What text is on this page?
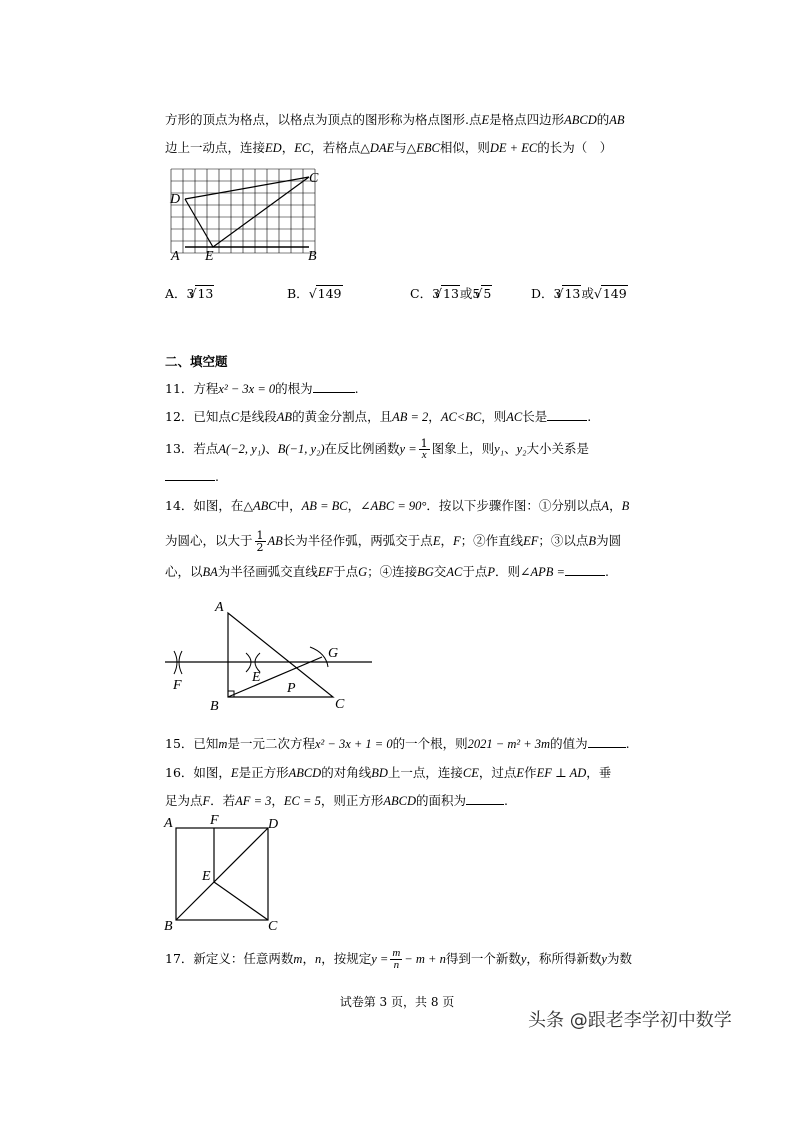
方形的顶点为格点，以格点为顶点的图形称为格点图形.点E是格点四边形ABCD的AB
边上一动点，连接ED，EC，若格点△DAE与△EBC相似，则DE + EC的长为（　）
D
C
A E	B
A．3 √ 13	B． √ 149	C．3 √ 13或5 √ 5	D．3 √ 13或 √ 149
二、填空题
11．方程x² − 3x = 0的根为	.
12．已知点C是线段AB的黄金分割点，且AB = 2，AC<BC，则AC长是	.
13．若点A(−2, y₁)、B(−1, y₂)在反比例函数$y = \frac{1}{x}$ 图象上，则y₁、y₂大小关系是
.
14．如图，在△ABC中，AB = BC，∠ABC = 90°．按以下步骤作图：①分别以点A，B
为圆心，以大于 $\frac{1}{2}$ AB长为半径作弧，两弧交于点E，F；②作直线EF；③以点B为圆
心，以BA为半径画弧交直线EF于点G；④连接BG交AC于点P．则∠APB =	.
A
G
E
P
F
B	C
15．已知m是一元二次方程x² − 3x + 1 = 0的一个根，则2021 − m² + 3m的值为	.
16．如图，E是正方形ABCD的对角线BD上一点，连接CE，过点E作EF ⊥ AD，垂
足为点F．若AF = 3，EC = 5，则正方形ABCD的面积为	.
A	F	D
E
B	C
17．新定义：任意两数m，n，按规定$y = \frac{m}{n} - m + n$得到一个新数y，称所得新数y为数
试卷第 3 页，共 8 页
头条 @跟老李学初中数学
